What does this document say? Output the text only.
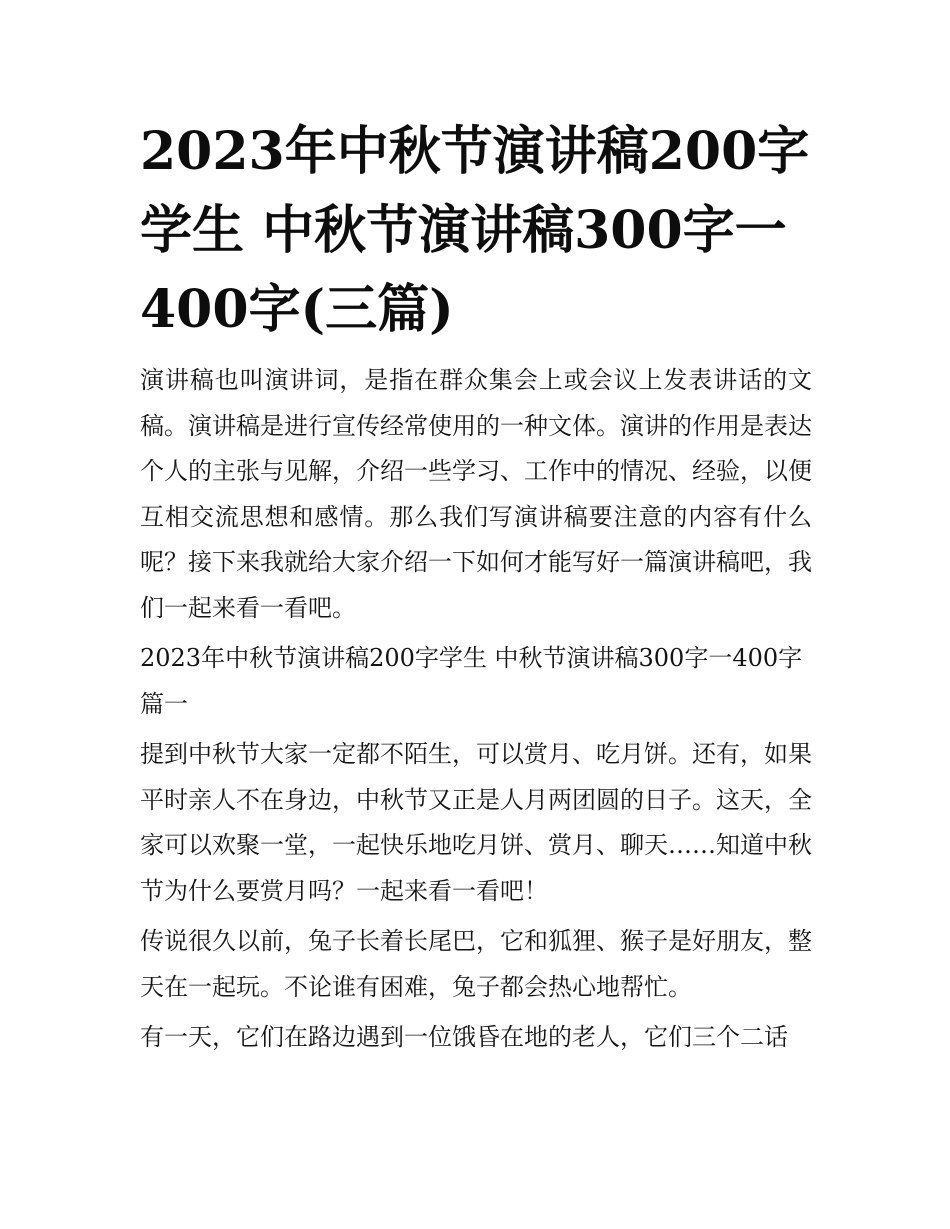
2023年中秋节演讲稿200字学生 中秋节演讲稿300字一400字(三篇)

演讲稿也叫演讲词，是指在群众集会上或会议上发表讲话的文稿。演讲稿是进行宣传经常使用的一种文体。演讲的作用是表达个人的主张与见解，介绍一些学习、工作中的情况、经验，以便互相交流思想和感情。那么我们写演讲稿要注意的内容有什么呢？接下来我就给大家介绍一下如何才能写好一篇演讲稿吧，我们一起来看一看吧。

2023年中秋节演讲稿200字学生 中秋节演讲稿300字一400字篇一

提到中秋节大家一定都不陌生，可以赏月、吃月饼。还有，如果平时亲人不在身边，中秋节又正是人月两团圆的日子。这天，全家可以欢聚一堂，一起快乐地吃月饼、赏月、聊天……知道中秋节为什么要赏月吗？一起来看一看吧！

传说很久以前，兔子长着长尾巴，它和狐狸、猴子是好朋友，整天在一起玩。不论谁有困难，兔子都会热心地帮忙。

有一天，它们在路边遇到一位饿昏在地的老人，它们三个二话
